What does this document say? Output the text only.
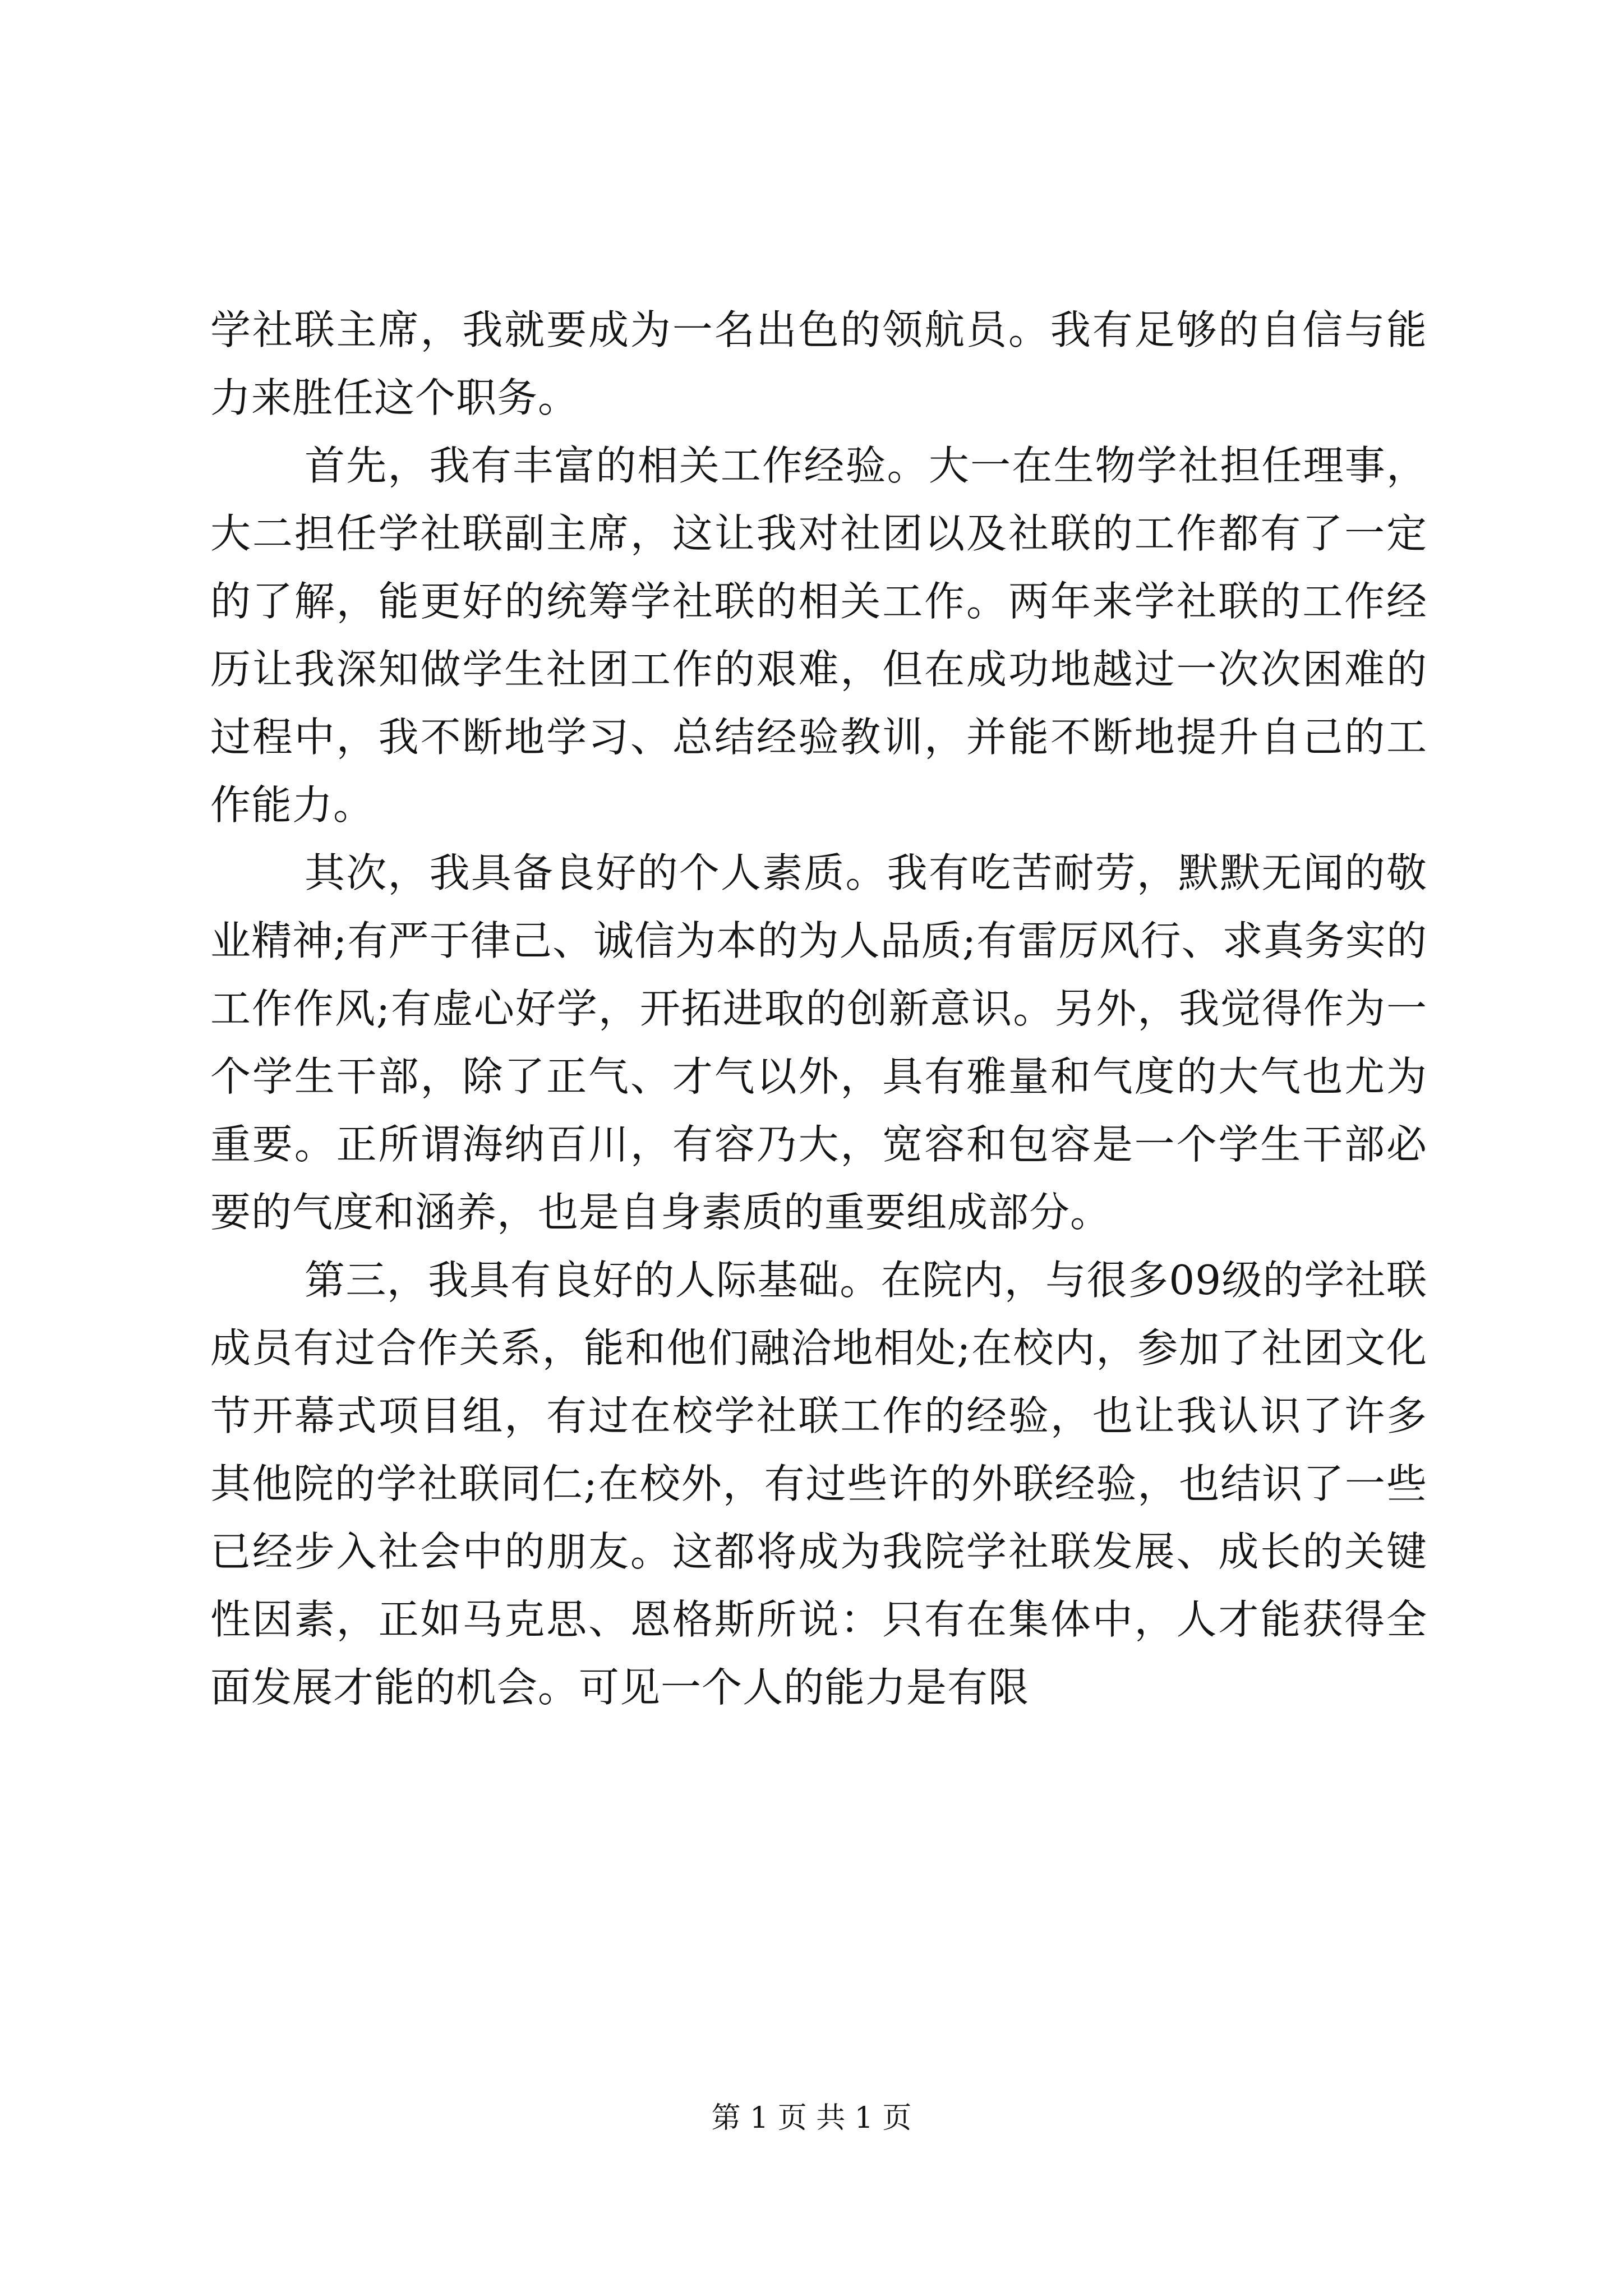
学社联主席，我就要成为一名出色的领航员。我有足够的自信与能力来胜任这个职务。

首先，我有丰富的相关工作经验。大一在生物学社担任理事，大二担任学社联副主席，这让我对社团以及社联的工作都有了一定的了解，能更好的统筹学社联的相关工作。两年来学社联的工作经历让我深知做学生社团工作的艰难，但在成功地越过一次次困难的过程中，我不断地学习、总结经验教训，并能不断地提升自己的工作能力。

其次，我具备良好的个人素质。我有吃苦耐劳，默默无闻的敬业精神;有严于律己、诚信为本的为人品质;有雷厉风行、求真务实的工作作风;有虚心好学，开拓进取的创新意识。另外，我觉得作为一个学生干部，除了正气、才气以外，具有雅量和气度的大气也尤为重要。正所谓海纳百川，有容乃大，宽容和包容是一个学生干部必要的气度和涵养，也是自身素质的重要组成部分。

第三，我具有良好的人际基础。在院内，与很多09级的学社联成员有过合作关系，能和他们融洽地相处;在校内，参加了社团文化节开幕式项目组，有过在校学社联工作的经验，也让我认识了许多其他院的学社联同仁;在校外，有过些许的外联经验，也结识了一些已经步入社会中的朋友。这都将成为我院学社联发展、成长的关键性因素，正如马克思、恩格斯所说：只有在集体中，人才能获得全面发展才能的机会。可见一个人的能力是有限

第 1 页 共 1 页
